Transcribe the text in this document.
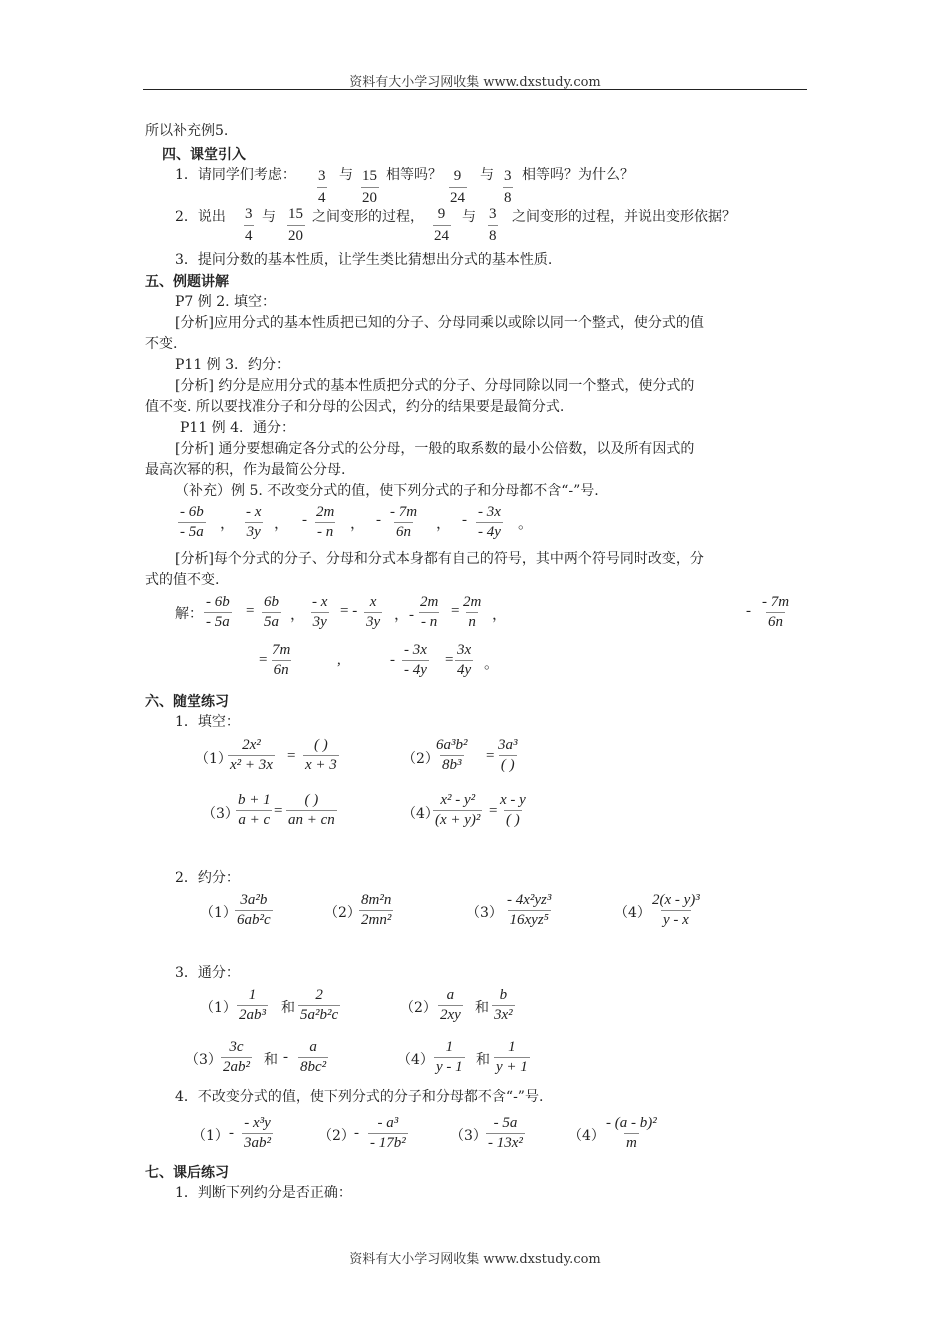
资料有大小学习网收集 www.dxstudy.com
所以补充例5.
四、课堂引入
1．请同学们考虑： 3
4
与 15
20
相等吗？ 9
24
与 3
8
相等吗？为什么？
2．说出 3
4
与 15
20
之间变形的过程， 9
24
与 3
8
之间变形的过程，并说出变形依据？
3．提问分数的基本性质，让学生类比猜想出分式的基本性质.
五、例题讲解
P7 例 2. 填空：
[分析]应用分式的基本性质把已知的分子、分母同乘以或除以同一个整式，使分式的值
不变.
P11 例 3．约分：
[分析] 约分是应用分式的基本性质把分式的分子、分母同除以同一个整式，使分式的
值不变. 所以要找准分子和分母的公因式，约分的结果要是最简分式.
P11 例 4．通分：
[分析] 通分要想确定各分式的公分母，一般的取系数的最小公倍数，以及所有因式的
最高次幂的积，作为最简公分母.
（补充）例 5. 不改变分式的值，使下列分式的子和分母都不含“-”号.
$\frac{- 6b}{- 5a}$ ， $\frac{- x}{3y}$ ， - $\frac{2m}{- n}$ ， - $\frac{- 7m}{6n}$ ， - $\frac{- 3x}{- 4y}$ 。
[分析]每个分式的分子、分母和分式本身都有自己的符号，其中两个符号同时改变，分
式的值不变.
解： $\frac{- 6b}{- 5a} = \frac{6b}{5a}$ ， $\frac{- x}{3y}$ = - $\frac{x}{3y}$ ，- $\frac{2m}{- n} = \frac{2m}{n}$ ，	- $\frac{- 7m}{6n}$
= $\frac{7m}{6n}$	,	- $\frac{- 3x}{- 4y} = \frac{3x}{4y}$ 。
六、随堂练习
1．填空：
（1）
$\frac{\text{2x²}}{\text{x² + 3x}}$ =
( )
x + 3	（2）
$\frac{\text{6a³b²}}{\text{8b³}}$ =
3a³
( )
（3）
$\frac{b + 1}{a + c}$ =
( )
an + cn	（4）
$\frac{\text{x² - y²}}{\text{(x + y)²}}$ =
x - y
( )
2．约分：
（1）
$\frac{\text{3a²b}}{\text{6ab²c}}$	（2）
$\frac{\text{8m²n}}{\text{2mn²}}$	（3）
- 4x²yz³
16xyz⁵	$(4) \frac{\text{2(x - y)³}}{y - x}$
3．通分：
$(1) \frac{1}{\text{2ab³}}$ 和 $\frac{2}{\text{5a²b²c}}$	$(2) \frac{a}{2xy}$ 和 $\frac{b}{\text{3x²}}$
$(3) \frac{3c}{\text{2ab²}}$ 和 - $\frac{a}{\text{8bc²}}$	$(4) \frac{1}{y - 1}$ 和 $\frac{1}{y + 1}$
4．不改变分式的值，使下列分式的分子和分母都不含“-”号.
$(1) - \frac{\text{- x³y}}{\text{3ab²}}$	$(2) - \frac{\text{- a³}}{\text{- 17b²}}$	$(3) \frac{- 5a}{\text{- 13x²}}$	$(4) \frac{\text{- (a - b)²}}{m}$
七、课后练习
1．判断下列约分是否正确：
资料有大小学习网收集 www.dxstudy.com
